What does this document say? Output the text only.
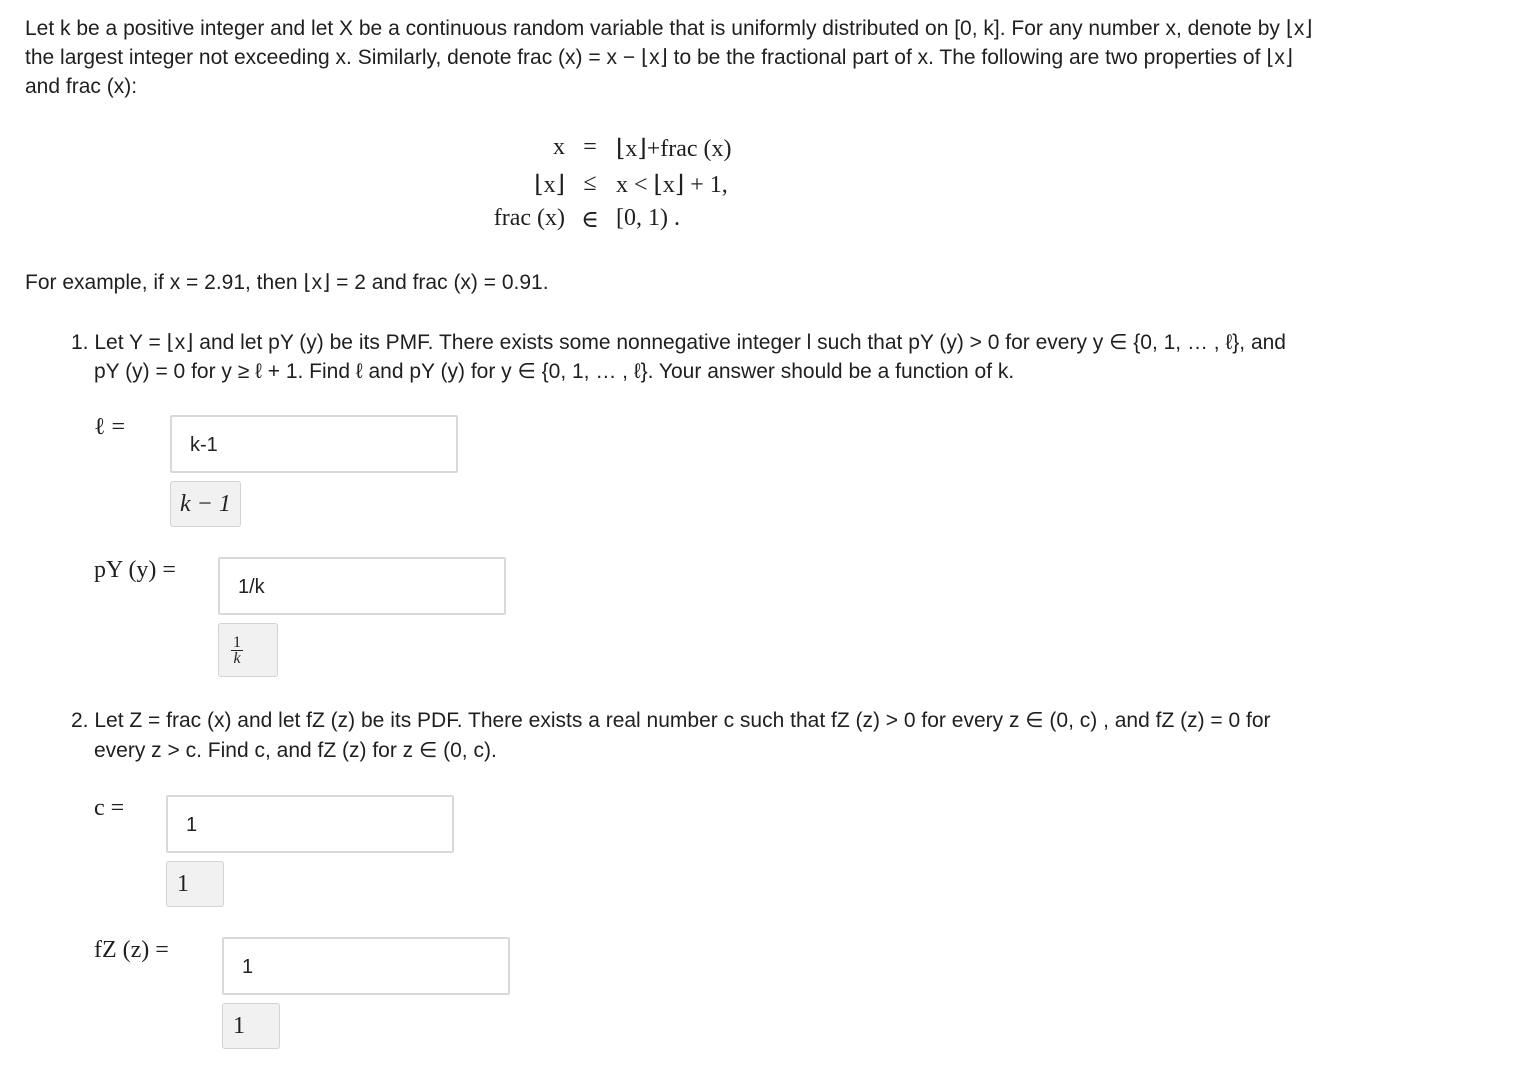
Let k be a positive integer and let X be a continuous random variable that is uniformly distributed on [0, k]. For any number x, denote by ⌊x⌋
the largest integer not exceeding x. Similarly, denote frac (x) = x − ⌊x⌋ to be the fractional part of x. The following are two properties of ⌊x⌋
and frac (x):
x = ⌊x⌋+frac (x)
⌊x⌋ ≤ x < ⌊x⌋ + 1,
frac (x) ∈ [0, 1) .
For example, if x = 2.91, then ⌊x⌋ = 2 and frac (x) = 0.91.
1. Let Y = ⌊x⌋ and let pY (y) be its PMF. There exists some nonnegative integer l such that pY (y) > 0 for every y ∈ {0, 1, … , ℓ}, and
pY (y) = 0 for y ≥ ℓ + 1. Find ℓ and pY (y) for y ∈ {0, 1, … , ℓ}. Your answer should be a function of k.
ℓ =
k-1
k − 1
pY (y) =
1/k
$\frac{1}{k}$
2. Let Z = frac (x) and let fZ (z) be its PDF. There exists a real number c such that fZ (z) > 0 for every z ∈ (0, c) , and fZ (z) = 0 for
every z > c. Find c, and fZ (z) for z ∈ (0, c).
c =
1
1
fZ (z) =
1
1
